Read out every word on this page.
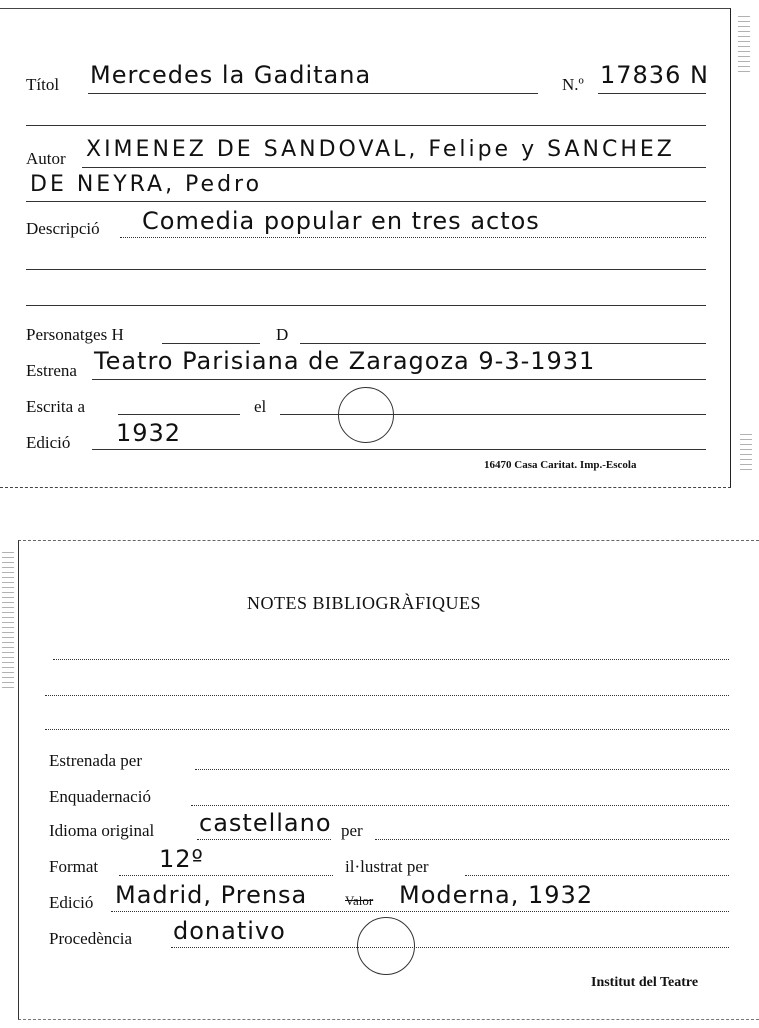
Títol Mercedes la Gaditana	N.º 17836 N
Autor XIMENEZ DE SANDOVAL, Felipe y SANCHEZ
DE NEYRA, Pedro
Descripció Comedia popular en tres actos
Personatges H	D
Estrena Teatro Parisiana de Zaragoza 9-3-1931
Escrita a	el
Edició 1932
16470 Casa Caritat. Imp.-Escola
NOTES BIBLIOGRÀFIQUES
Estrenada per
Enquadernació
Idioma original castellano per
Format	12º	il·lustrat per
Edició Madrid, Prensa	Valor Moderna, 1932
Procedència donativo
Institut del Teatre
